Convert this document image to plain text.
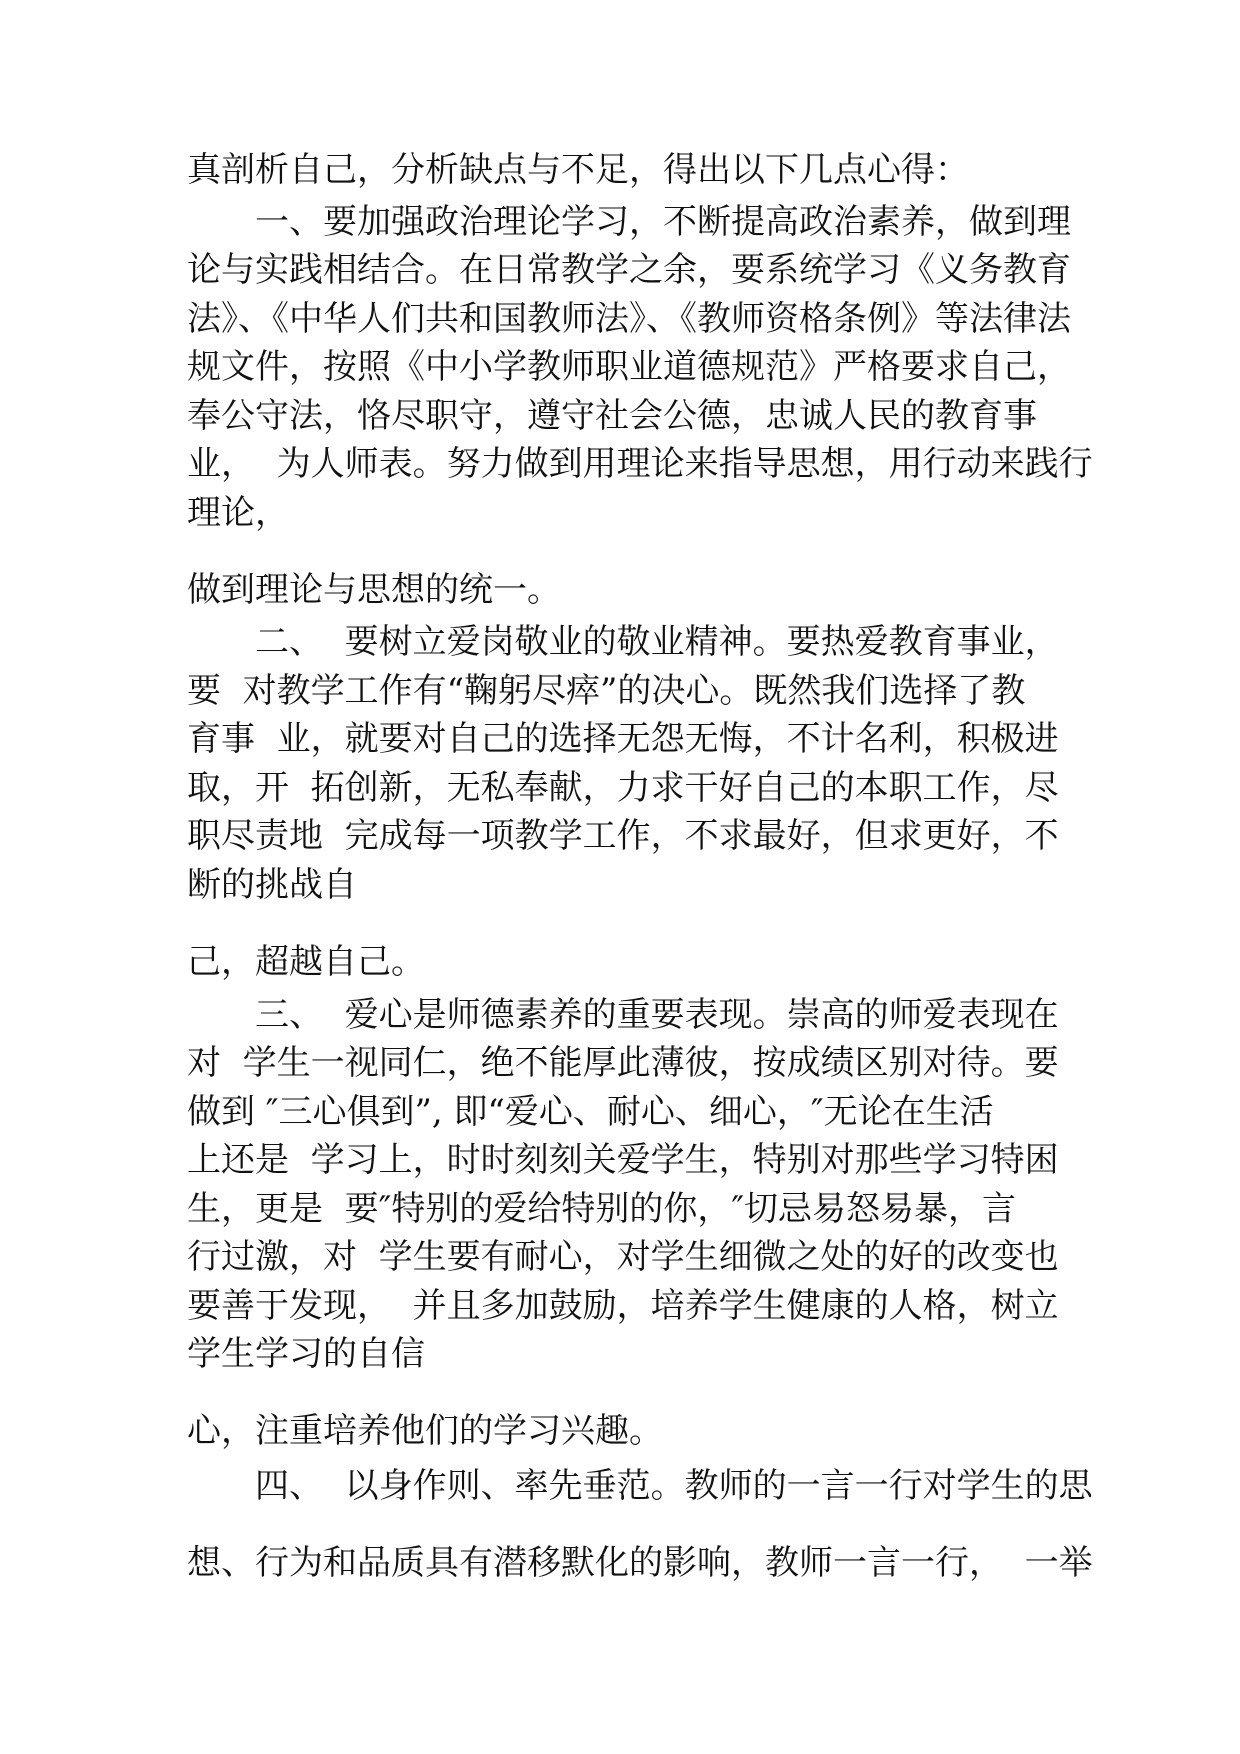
真剖析自己，分析缺点与不足，得出以下几点心得：

一、要加强政治理论学习，不断提高政治素养，做到理

论与实践相结合。在日常教学之余，要系统学习《义务教育

法》、《中华人们共和国教师法》、《教师资格条例》等法律法

规文件，按照《中小学教师职业道德规范》严格要求自己，

奉公守法，恪尽职守，遵守社会公德，忠诚人民的教育事

业，  为人师表。努力做到用理论来指导思想，用行动来践行

理论，

做到理论与思想的统一。

二、  要树立爱岗敬业的敬业精神。要热爱教育事业，

要  对教学工作有“鞠躬尽瘁”的决心。既然我们选择了教

育事  业，就要对自己的选择无怨无悔，不计名利，积极进

取，开  拓创新，无私奉献，力求干好自己的本职工作，尽

职尽责地  完成每一项教学工作，不求最好，但求更好，不

断的挑战自

己，超越自己。

三、  爱心是师德素养的重要表现。崇高的师爱表现在

对  学生一视同仁，绝不能厚此薄彼，按成绩区别对待。要

做到 ″三心俱到”, 即“爱心、耐心、细心，″无论在生活

上还是  学习上，时时刻刻关爱学生，特别对那些学习特困

生，更是  要″特别的爱给特别的你，″切忌易怒易暴，言

行过激，对  学生要有耐心，对学生细微之处的好的改变也

要善于发现，  并且多加鼓励，培养学生健康的人格，树立

学生学习的自信

心，注重培养他们的学习兴趣。

四、  以身作则、率先垂范。教师的一言一行对学生的思

想、行为和品质具有潜移默化的影响，教师一言一行，  一举
